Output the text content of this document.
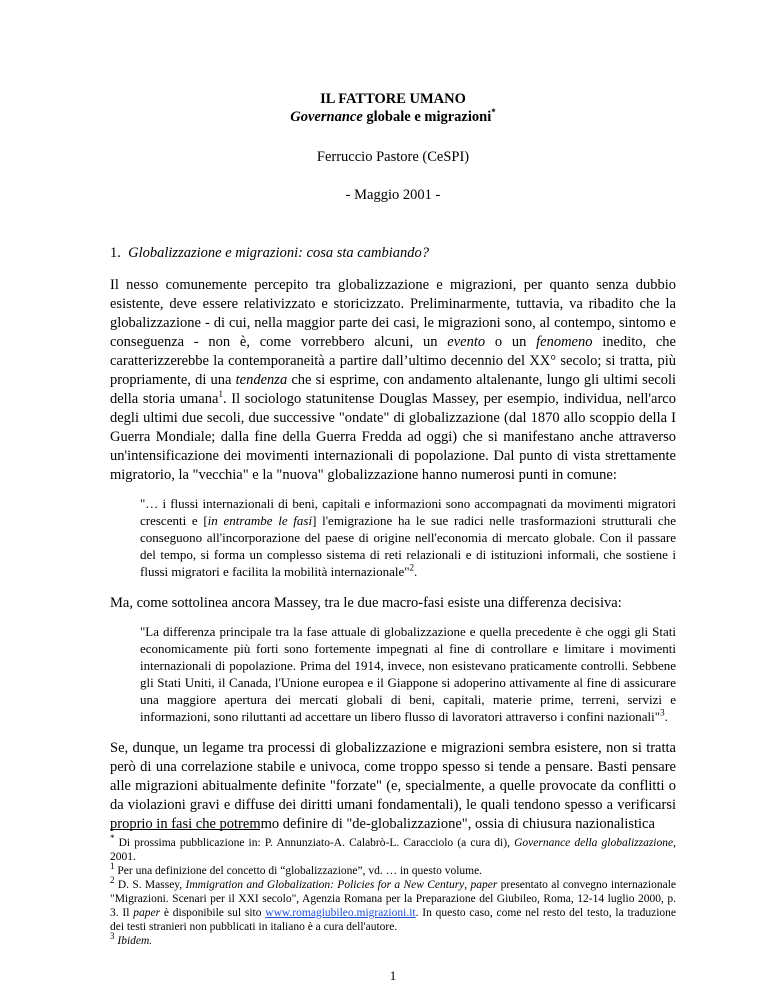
IL FATTORE UMANO
Governance globale e migrazioni*
Ferruccio Pastore (CeSPI)
- Maggio 2001 -
1. Globalizzazione e migrazioni: cosa sta cambiando?

Il nesso comunemente percepito tra globalizzazione e migrazioni, per quanto senza dubbio esistente, deve essere relativizzato e storicizzato. Preliminarmente, tuttavia, va ribadito che la globalizzazione - di cui, nella maggior parte dei casi, le migrazioni sono, al contempo, sintomo e conseguenza - non è, come vorrebbero alcuni, un evento o un fenomeno inedito, che caratterizzerebbe la contemporaneità a partire dall’ultimo decennio del XX° secolo; si tratta, più propriamente, di una tendenza che si esprime, con andamento altalenante, lungo gli ultimi secoli della storia umana$^1$. Il sociologo statunitense Douglas Massey, per esempio, individua, nell'arco degli ultimi due secoli, due successive "ondate" di globalizzazione (dal 1870 allo scoppio della I Guerra Mondiale; dalla fine della Guerra Fredda ad oggi) che si manifestano anche attraverso un'intensificazione dei movimenti internazionali di popolazione. Dal punto di vista strettamente migratorio, la "vecchia" e la "nuova" globalizzazione hanno numerosi punti in comune:

"… i flussi internazionali di beni, capitali e informazioni sono accompagnati da movimenti migratori crescenti e [in entrambe le fasi] l'emigrazione ha le sue radici nelle trasformazioni strutturali che conseguono all'incorporazione del paese di origine nell'economia di mercato globale. Con il passare del tempo, si forma un complesso sistema di reti relazionali e di istituzioni informali, che sostiene i flussi migratori e facilita la mobilità internazionale"$^2$.

Ma, come sottolinea ancora Massey, tra le due macro-fasi esiste una differenza decisiva:

"La differenza principale tra la fase attuale di globalizzazione e quella precedente è che oggi gli Stati economicamente più forti sono fortemente impegnati al fine di controllare e limitare i movimenti internazionali di popolazione. Prima del 1914, invece, non esistevano praticamente controlli. Sebbene gli Stati Uniti, il Canada, l'Unione europea e il Giappone si adoperino attivamente al fine di assicurare una maggiore apertura dei mercati globali di beni, capitali, materie prime, terreni, servizi e informazioni, sono riluttanti ad accettare un libero flusso di lavoratori attraverso i confini nazionali"$^3$.

Se, dunque, un legame tra processi di globalizzazione e migrazioni sembra esistere, non si tratta però di una correlazione stabile e univoca, come troppo spesso si tende a pensare. Basti pensare alle migrazioni abitualmente definite "forzate" (e, specialmente, a quelle provocate da conflitti o da violazioni gravi e diffuse dei diritti umani fondamentali), le quali tendono spesso a verificarsi proprio in fasi che potremmo definire di "de-globalizzazione", ossia di chiusura nazionalistica

* Di prossima pubblicazione in: P. Annunziato-A. Calabrò-L. Caracciolo (a cura di), Governance della globalizzazione, 2001.
$^1$ Per una definizione del concetto di “globalizzazione”, vd. … in questo volume.
$^2$ D. S. Massey, Immigration and Globalization: Policies for a New Century, paper presentato al convegno internazionale "Migrazioni. Scenari per il XXI secolo", Agenzia Romana per la Preparazione del Giubileo, Roma, 12-14 luglio 2000, p. 3. Il paper è disponibile sul sito www.romagiubileo.migrazioni.it. In questo caso, come nel resto del testo, la traduzione dei testi stranieri non pubblicati in italiano è a cura dell'autore.
$^3$ Ibidem.
1
